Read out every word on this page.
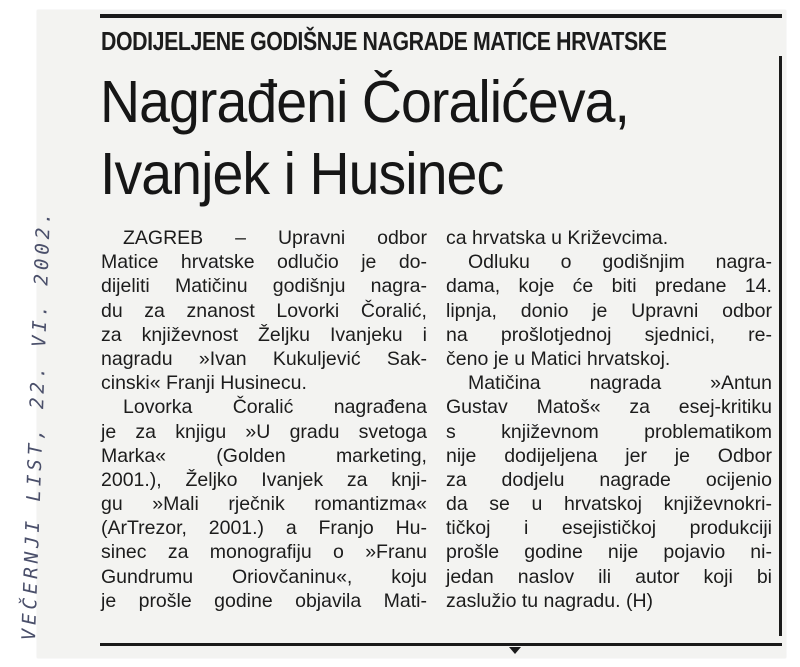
DODIJELJENE GODIŠNJE NAGRADE MATICE HRVATSKE
Nagrađeni Čoralićeva,
Ivanjek i Husinec
ZAGREB – Upravni odbor
Matice hrvatske odlučio je do-
dijeliti Matičinu godišnju nagra-
du za znanost Lovorki Čoralić,
za književnost Željku Ivanjeku i
nagradu »Ivan Kukuljević Sak-
cinski« Franji Husinecu.
Lovorka Čoralić nagrađena
je za knjigu »U gradu svetoga
Marka«	(Golden	marketing,
2001.), Željko Ivanjek za knji-
gu »Mali rječnik romantizma«
(ArTrezor, 2001.) a Franjo Hu-
sinec za monografiju o »Franu
Gundrumu Oriovčaninu«, koju
je prošle godine objavila Mati-
ca hrvatska u Križevcima.
Odluku o godišnjim nagra-
dama, koje će biti predane 14.
lipnja, donio je Upravni odbor
na prošlotjednoj sjednici, re-
čeno je u Matici hrvatskoj.
Matičina	nagrada	»Antun
Gustav Matoš« za esej-kritiku
s književnom problematikom
nije dodijeljena jer je Odbor
za dodjelu nagrade ocijenio
da se u hrvatskoj književnokri-
tičkoj i esejističkoj produkciji
prošle godine nije pojavio ni-
jedan naslov ili autor koji bi
zaslužio tu nagradu. (H)
VEČERNJI LIST, 22. VI. 2002.
